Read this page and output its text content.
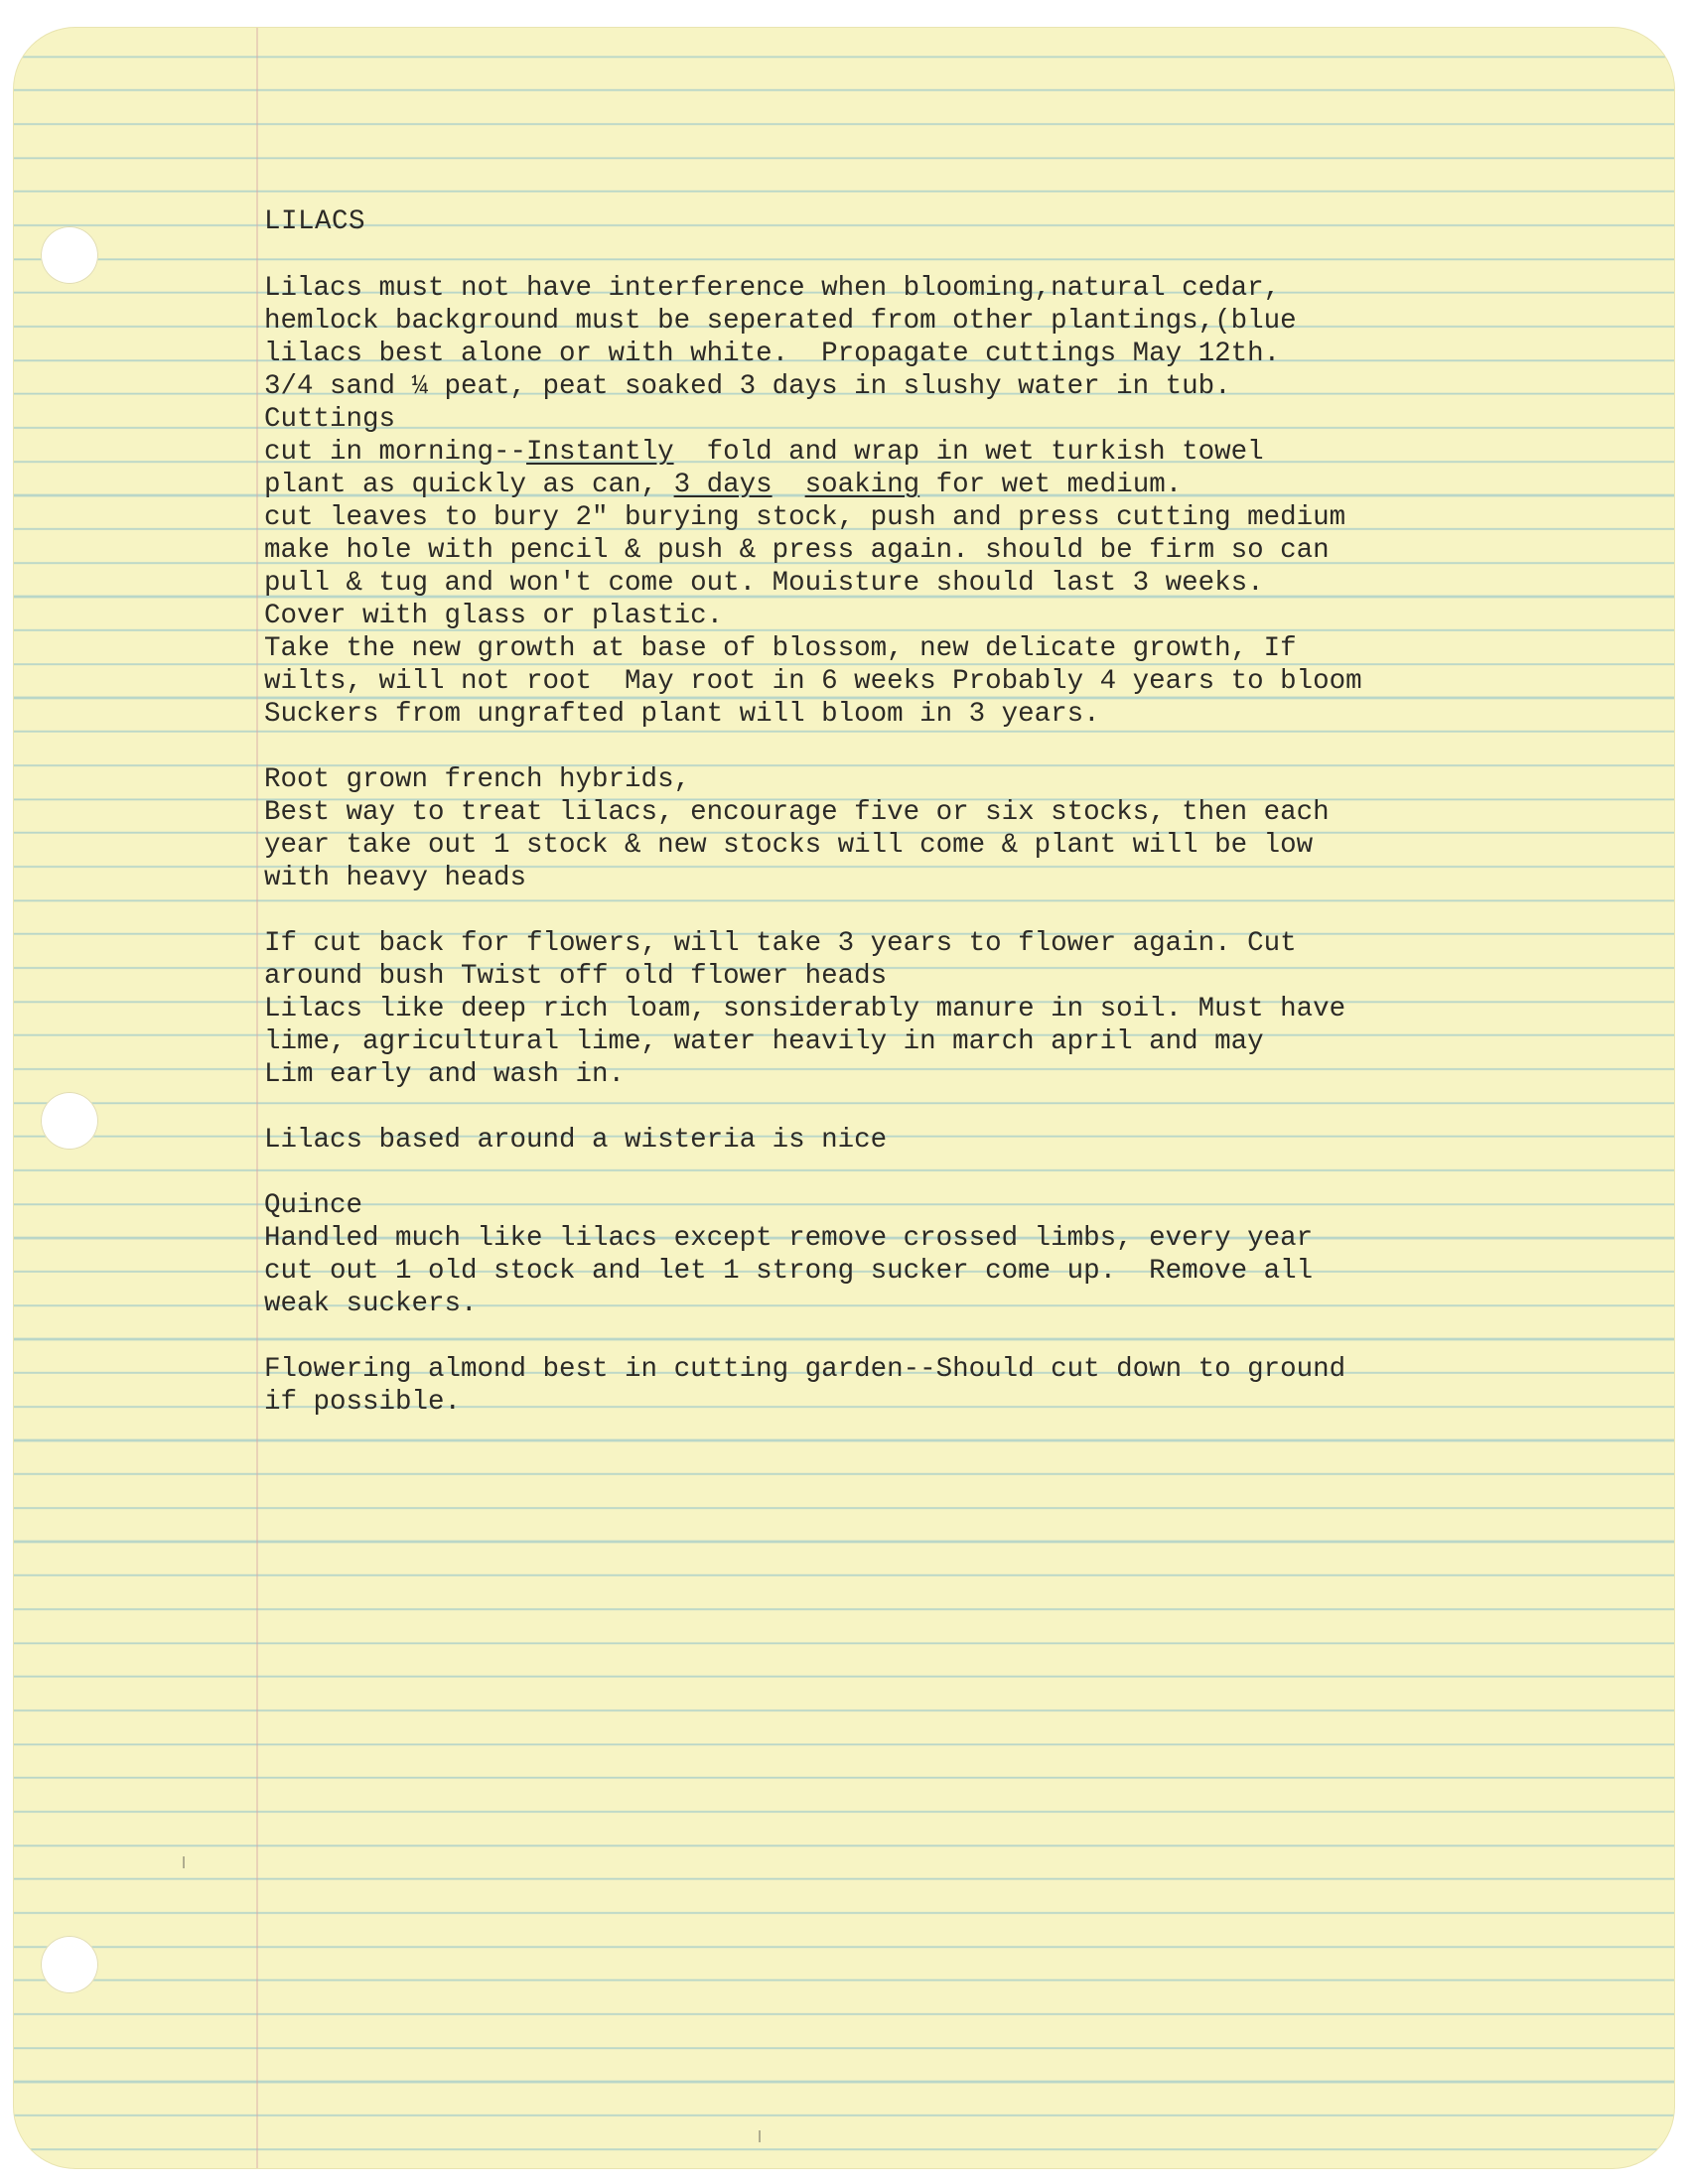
LILACS
Lilacs must not have interference when blooming,natural cedar,
hemlock background must be seperated from other plantings,(blue
lilacs best alone or with white.  Propagate cuttings May 12th.
3/4 sand ¼ peat, peat soaked 3 days in slushy water in tub.
Cuttings
cut in morning--Instantly  fold and wrap in wet turkish towel
plant as quickly as can, 3 days soaking for wet medium.
cut leaves to bury 2" burying stock, push and press cutting medium
make hole with pencil & push & press again. should be firm so can
pull & tug and won't come out. Mouisture should last 3 weeks.
Cover with glass or plastic.
Take the new growth at base of blossom, new delicate growth, If
wilts, will not root  May root in 6 weeks Probably 4 years to bloom
Suckers from ungrafted plant will bloom in 3 years.
Root grown french hybrids,
Best way to treat lilacs, encourage five or six stocks, then each
year take out 1 stock & new stocks will come & plant will be low
with heavy heads
If cut back for flowers, will take 3 years to flower again. Cut
around bush Twist off old flower heads
Lilacs like deep rich loam, sonsiderably manure in soil. Must have
lime, agricultural lime, water heavily in march april and may
Lim early and wash in.
Lilacs based around a wisteria is nice
Quince
Handled much like lilacs except remove crossed limbs, every year
cut out 1 old stock and let 1 strong sucker come up.  Remove all
weak suckers.
Flowering almond best in cutting garden--Should cut down to ground
if possible.
